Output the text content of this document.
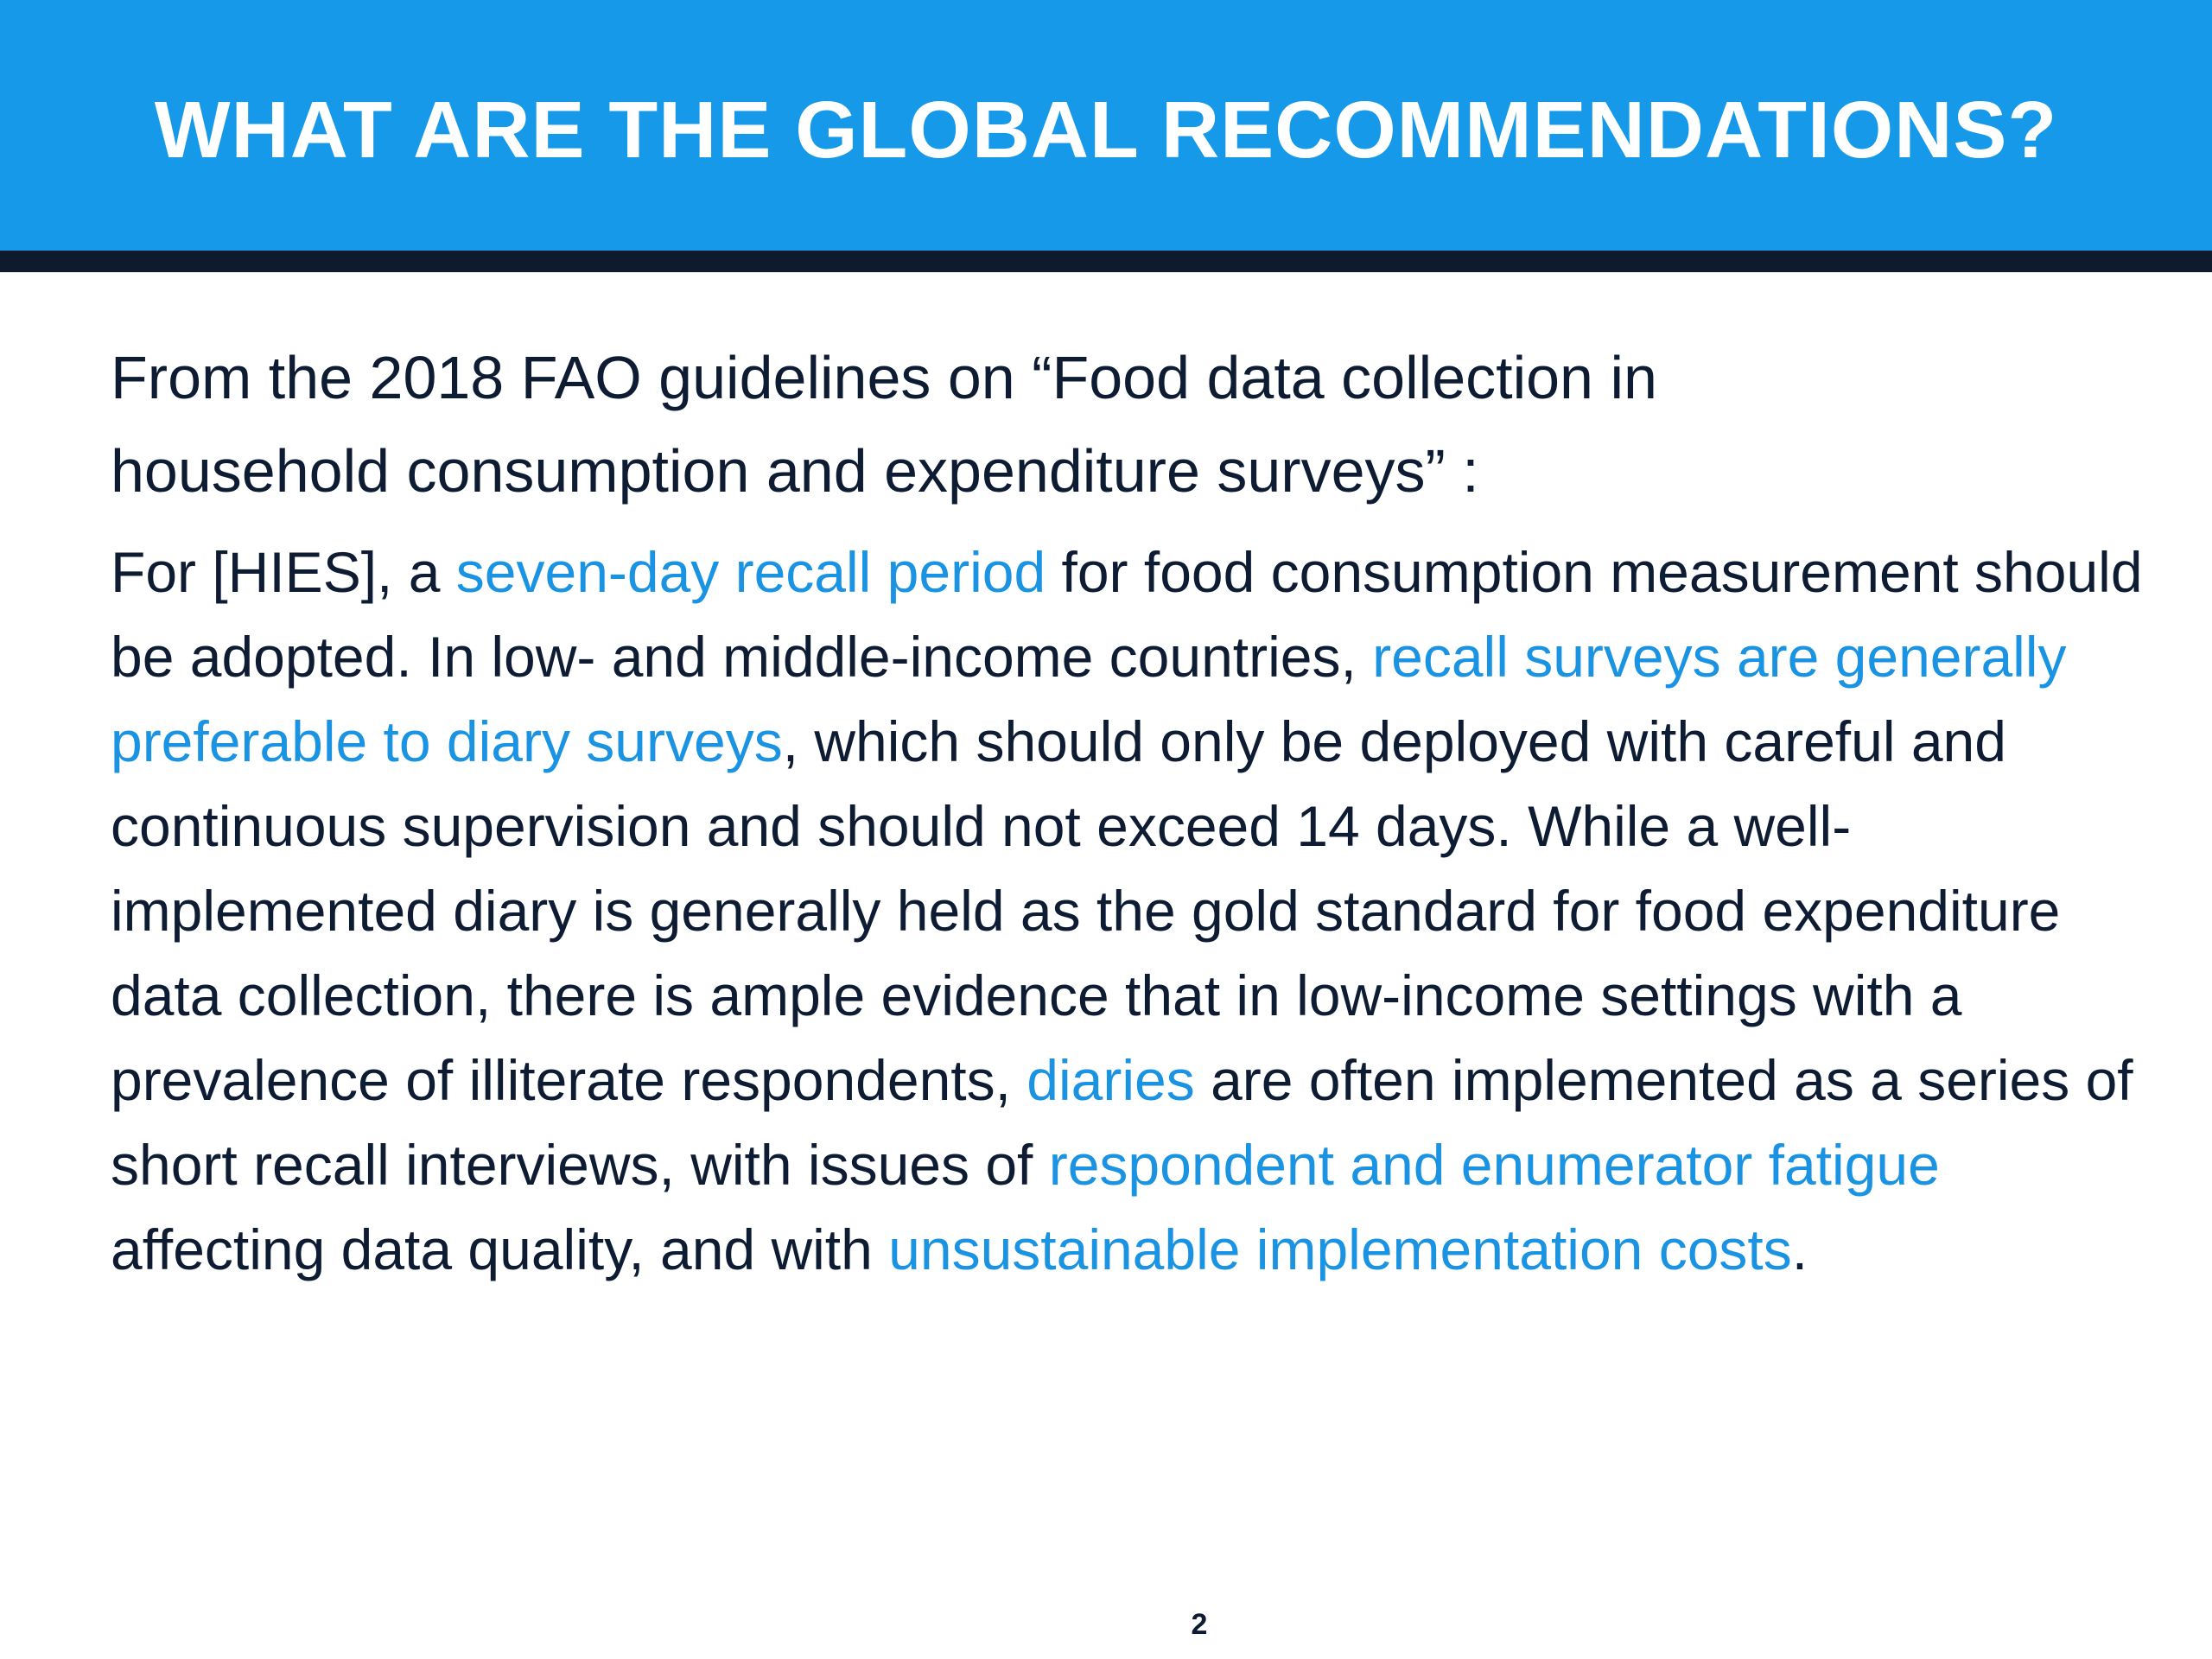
WHAT ARE THE GLOBAL RECOMMENDATIONS?

From the 2018 FAO guidelines on “Food data collection in
household consumption and expenditure surveys” :

For [HIES], a seven-day recall period for food consumption measurement should be adopted. In low- and middle-income countries, recall surveys are generally preferable to diary surveys, which should only be deployed with careful and continuous supervision and should not exceed 14 days. While a well-implemented diary is generally held as the gold standard for food expenditure data collection, there is ample evidence that in low-income settings with a prevalence of illiterate respondents, diaries are often implemented as a series of short recall interviews, with issues of respondent and enumerator fatigue affecting data quality, and with unsustainable implementation costs.

2
